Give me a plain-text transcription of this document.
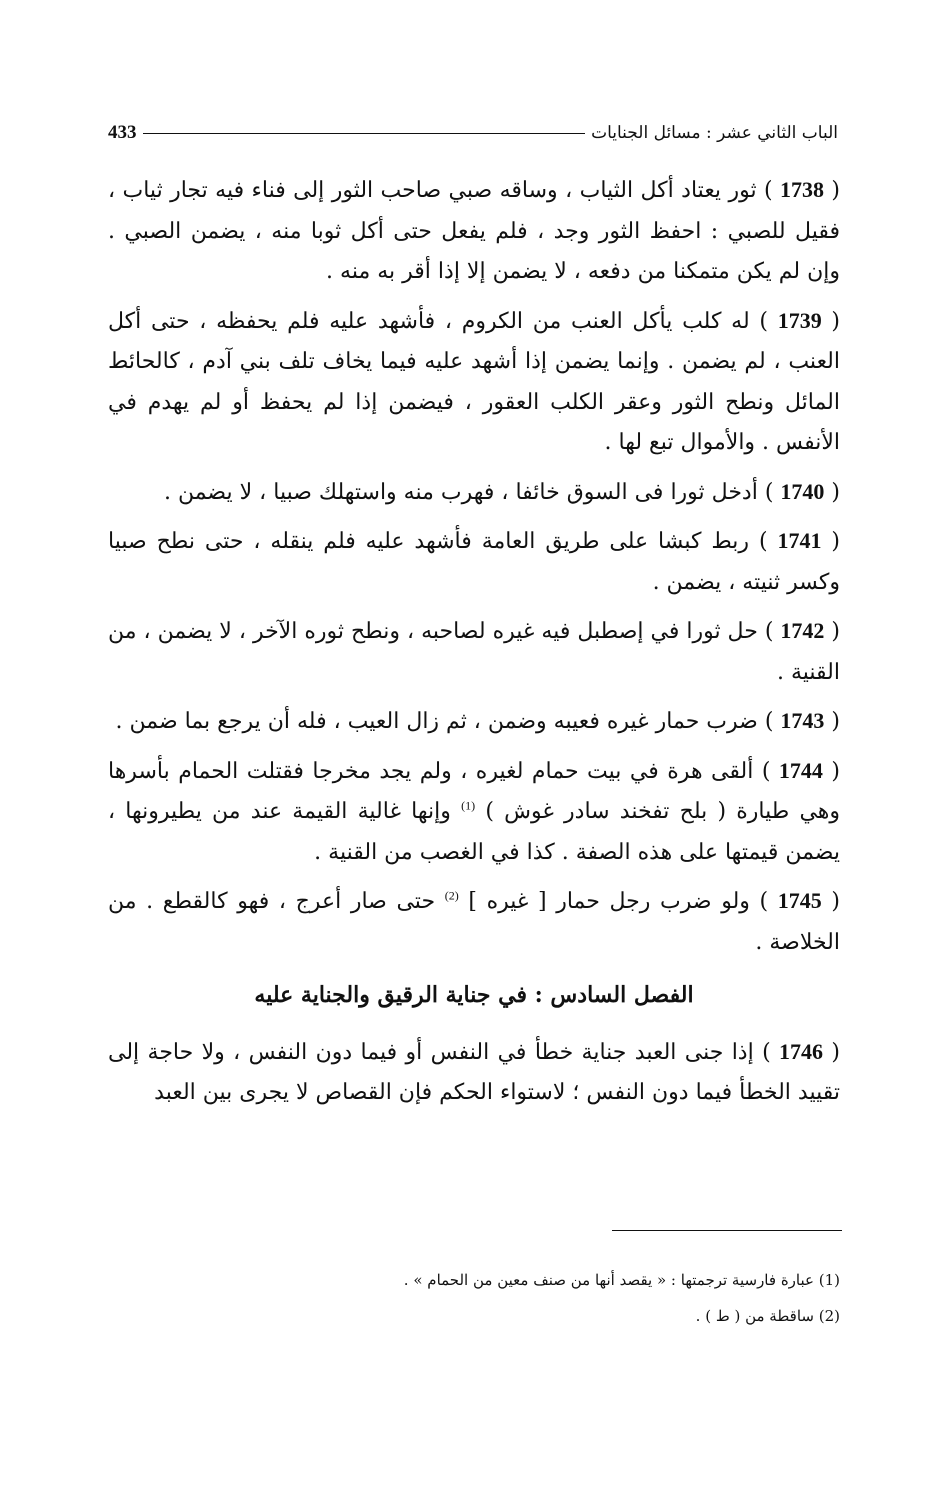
الباب الثاني عشر : مسائل الجنايات
433

( 1738 ) ثور يعتاد أكل الثياب ، وساقه صبي صاحب الثور إلى فناء فيه تجار ثياب ، فقيل للصبي : احفظ الثور وجد ، فلم يفعل حتى أكل ثوبا منه ، يضمن الصبي . وإن لم يكن متمكنا من دفعه ، لا يضمن إلا إذا أقر به منه .

( 1739 ) له كلب يأكل العنب من الكروم ، فأشهد عليه فلم يحفظه ، حتى أكل العنب ، لم يضمن . وإنما يضمن إذا أشهد عليه فيما يخاف تلف بني آدم ، كالحائط المائل ونطح الثور وعقر الكلب العقور ، فيضمن إذا لم يحفظ أو لم يهدم في الأنفس . والأموال تبع لها .

( 1740 ) أدخل ثورا فى السوق خائفا ، فهرب منه واستهلك صبيا ، لا يضمن .

( 1741 ) ربط كبشا على طريق العامة فأشهد عليه فلم ينقله ، حتى نطح صبيا وكسر ثنيته ، يضمن .

( 1742 ) حل ثورا في إصطبل فيه غيره لصاحبه ، ونطح ثوره الآخر ، لا يضمن ، من القنية .

( 1743 ) ضرب حمار غيره فعيبه وضمن ، ثم زال العيب ، فله أن يرجع بما ضمن .

( 1744 ) ألقى هرة في بيت حمام لغيره ، ولم يجد مخرجا فقتلت الحمام بأسرها وهي طيارة ( بلح تفخند سادر غوش ) $^{(1)}$ وإنها غالية القيمة عند من يطيرونها ، يضمن قيمتها على هذه الصفة . كذا في الغصب من القنية .

( 1745 ) ولو ضرب رجل حمار [ غيره ] $^{(2)}$ حتى صار أعرج ، فهو كالقطع . من الخلاصة .

الفصل السادس : في جناية الرقيق والجناية عليه

( 1746 ) إذا جنى العبد جناية خطأ في النفس أو فيما دون النفس ، ولا حاجة إلى تقييد الخطأ فيما دون النفس ؛ لاستواء الحكم فإن القصاص لا يجرى بين العبد

(1) عبارة فارسية ترجمتها : « يقصد أنها من صنف معين من الحمام » .
(2) ساقطة من ( ط ) .
